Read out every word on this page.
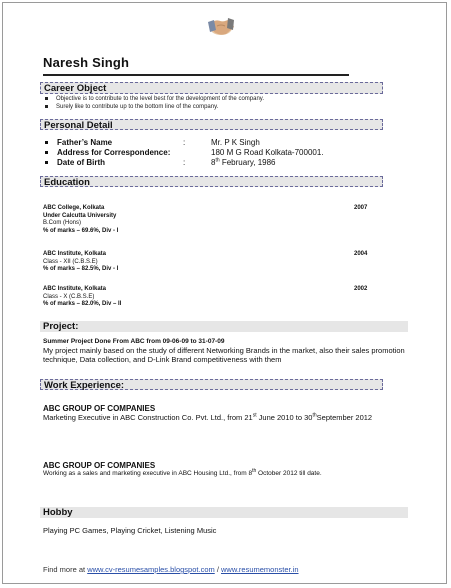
Naresh Singh
Career Object
Objective is to contribute to the level best for the development of the company.
Surely like to contribute up to the bottom line of the company.
Personal Detail
Father’s Name	:	Mr. P K Singh
Address for Correspondence:	180 M G Road Kolkata-700001.
Date of Birth	:	8th February, 1986
Education
ABC College, Kolkata
Under Calcutta University
B.Com (Hons)
% of marks – 69.6%, Div - I
2007
ABC Institute, Kolkata
Class - XII (C.B.S.E)
% of marks – 82.5%, Div - I
2004
ABC Institute, Kolkata
Class - X (C.B.S.E)
% of marks – 82.0%, Div – II
2002
Project:
Summer Project Done From ABC from 09-06-09 to 31-07-09
My project mainly based on the study of different Networking Brands in the market, also their sales promotion technique, Data collection, and D-Link Brand competitiveness with them
Work Experience:
ABC GROUP OF COMPANIES
Marketing Executive in ABC Construction Co. Pvt. Ltd., from 21st June 2010 to 30thSeptember 2012
ABC GROUP OF COMPANIES
Working as a sales and marketing executive in ABC Housing Ltd., from 8th October 2012 till date.
Hobby
Playing PC Games, Playing Cricket, Listening Music
Find more at www.cv-resumesamples.blogspot.com / www.resumemonster.in
